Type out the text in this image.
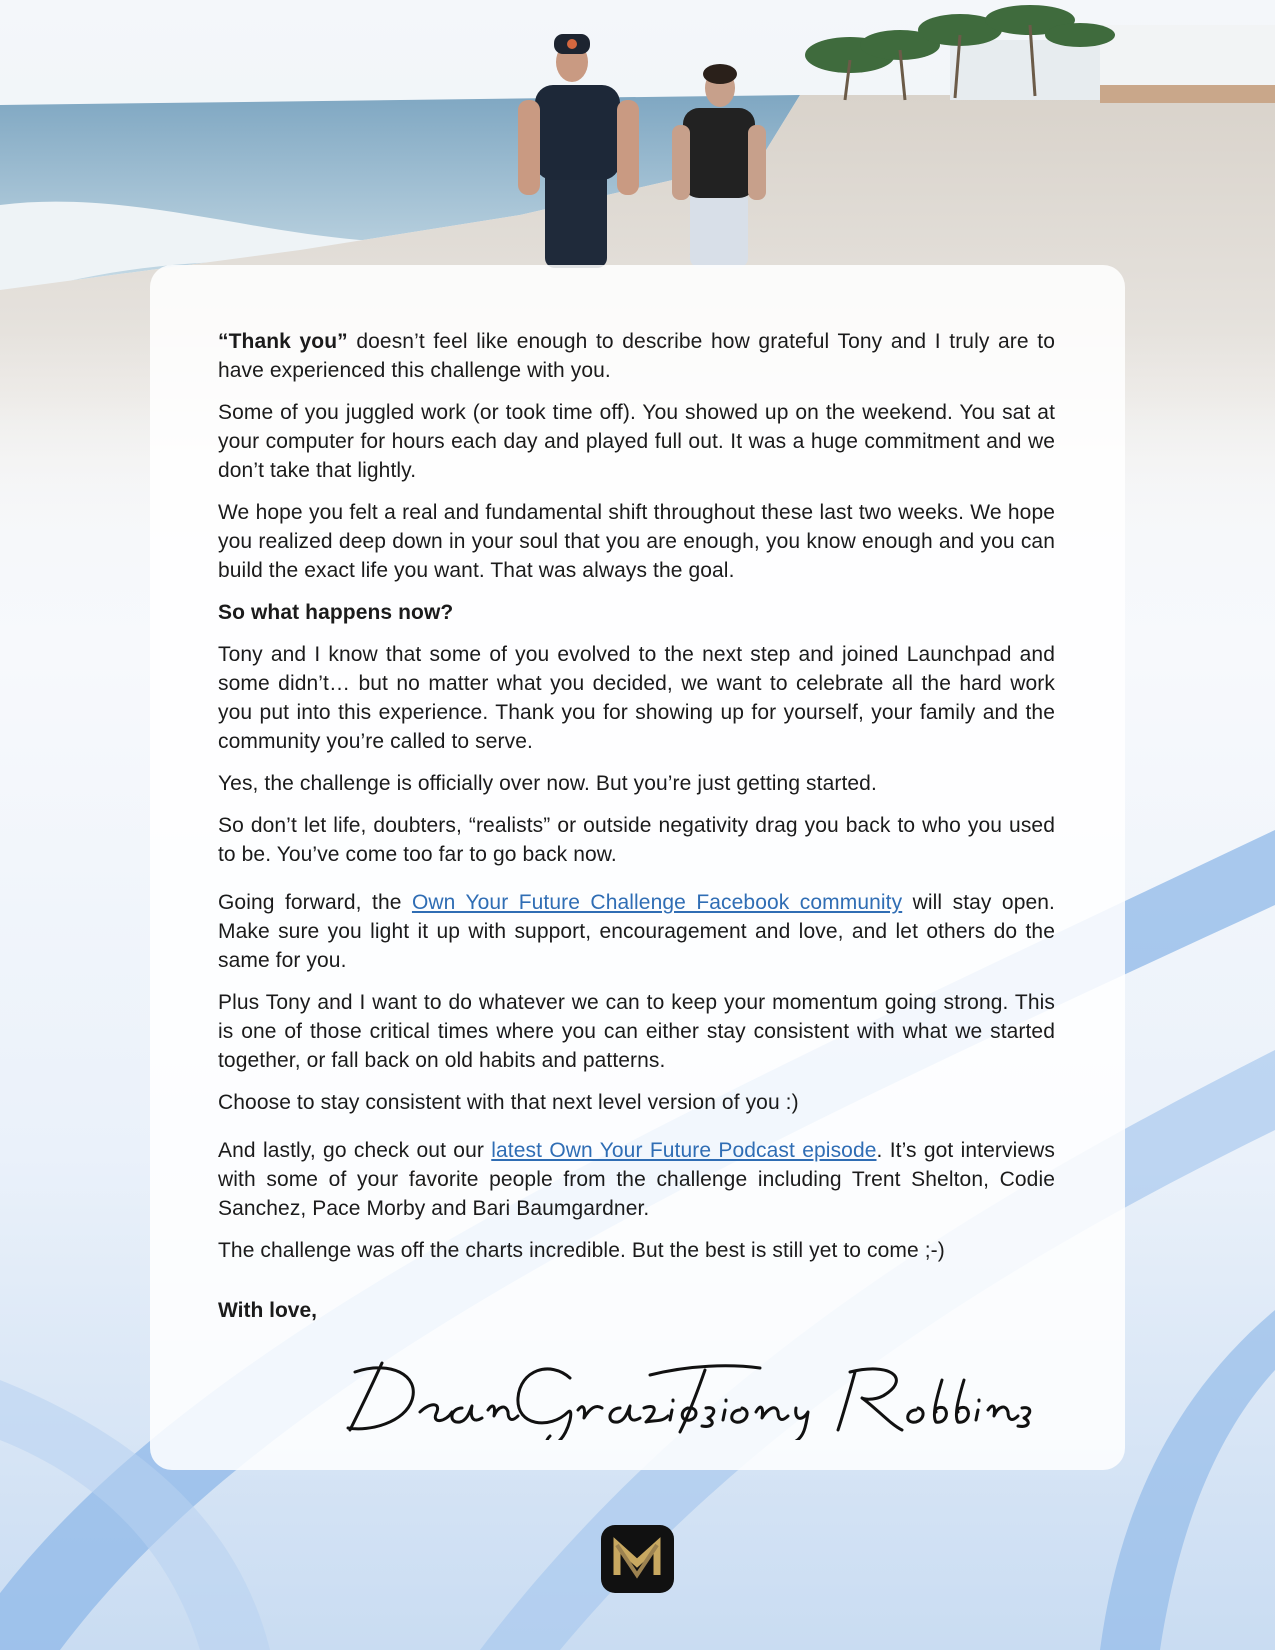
“Thank you” doesn’t feel like enough to describe how grateful Tony and I truly are to have experienced this challenge with you.

Some of you juggled work (or took time off). You showed up on the weekend. You sat at your computer for hours each day and played full out. It was a huge commitment and we don’t take that lightly.

We hope you felt a real and fundamental shift throughout these last two weeks. We hope you realized deep down in your soul that you are enough, you know enough and you can build the exact life you want. That was always the goal.

So what happens now?

Tony and I know that some of you evolved to the next step and joined Launchpad and some didn’t… but no matter what you decided, we want to celebrate all the hard work you put into this experience. Thank you for showing up for yourself, your family and the community you’re called to serve.

Yes, the challenge is officially over now. But you’re just getting started.

So don’t let life, doubters, “realists” or outside negativity drag you back to who you used to be. You’ve come too far to go back now.

Going forward, the Own Your Future Challenge Facebook community will stay open. Make sure you light it up with support, encouragement and love, and let others do the same for you.

Plus Tony and I want to do whatever we can to keep your momentum going strong. This is one of those critical times where you can either stay consistent with what we started together, or fall back on old habits and patterns.

Choose to stay consistent with that next level version of you :)

And lastly, go check out our latest Own Your Future Podcast episode. It’s got interviews with some of your favorite people from the challenge including Trent Shelton, Codie Sanchez, Pace Morby and Bari Baumgardner.

The challenge was off the charts incredible. But the best is still yet to come ;-)

With love,
